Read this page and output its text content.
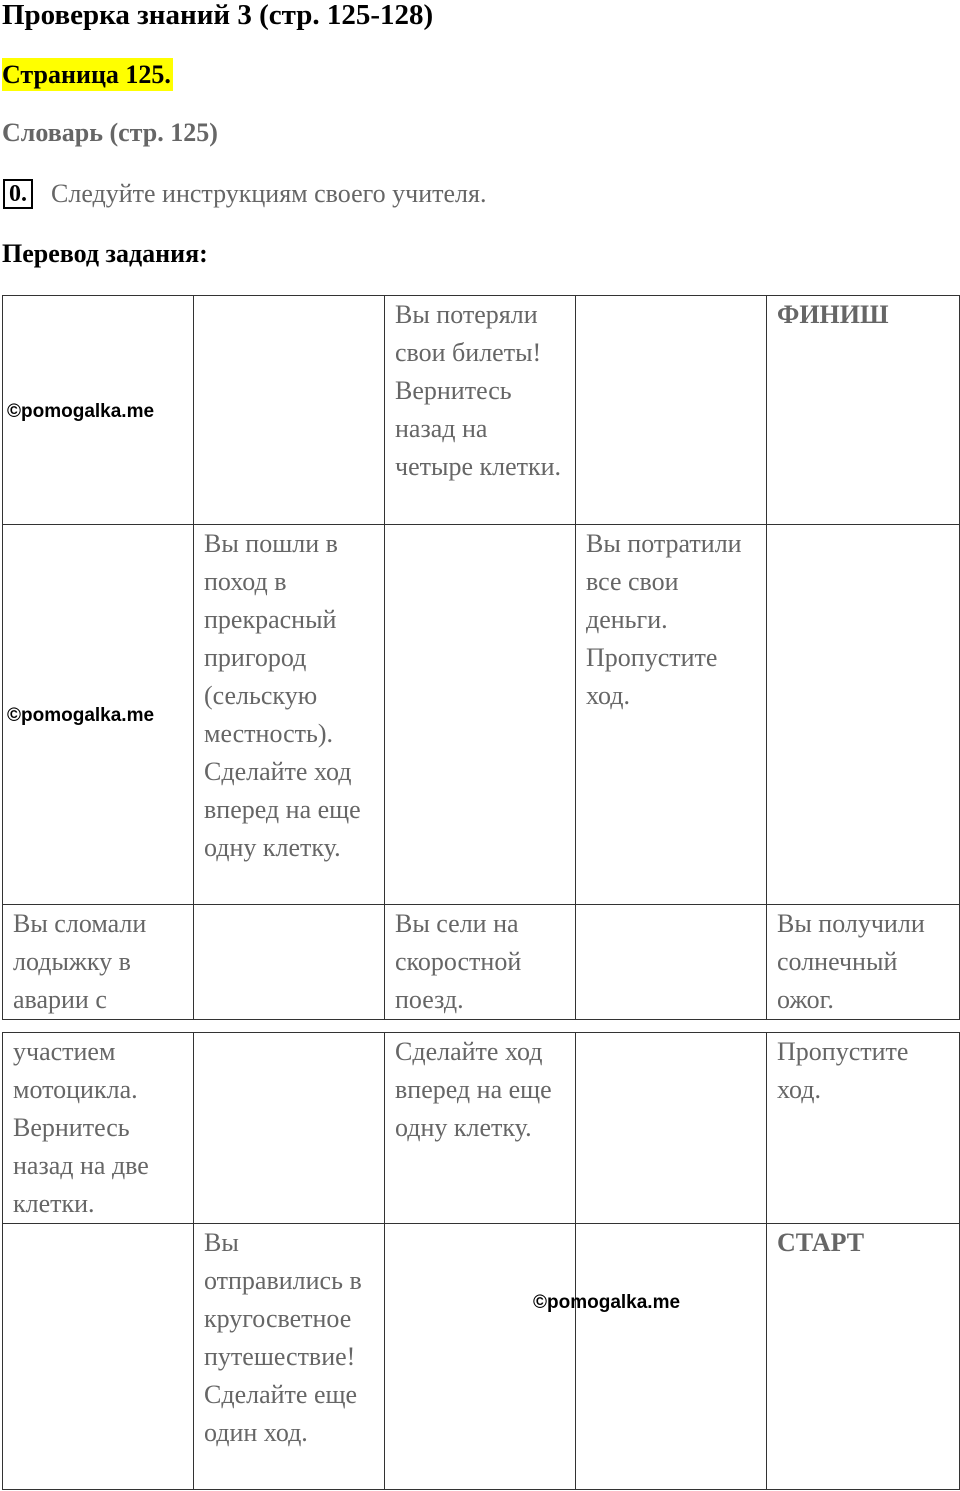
Проверка знаний 3 (стр. 125-128)
Страница 125.
Словарь (стр. 125)
0. Следуйте инструкциям своего учителя.
Перевод задания:
©pomogalka.me		Вы потеряли свои билеты! Вернитесь назад на четыре клетки.		ФИНИШ
©pomogalka.me	Вы пошли в поход в прекрасный пригород (сельскую местность). Сделайте ход вперед на еще одну клетку.		Вы потратили все свои деньги. Пропустите ход.	
Вы сломали лодыжку в аварии с		Вы сели на скоростной поезд.		Вы получили солнечный ожог.
участием мотоцикла. Вернитесь назад на две клетки.		Сделайте ход вперед на еще одну клетку.		Пропустите ход.
	Вы отправились в кругосветное путешествие! Сделайте еще один ход.			СТАРТ
©pomogalka.me
